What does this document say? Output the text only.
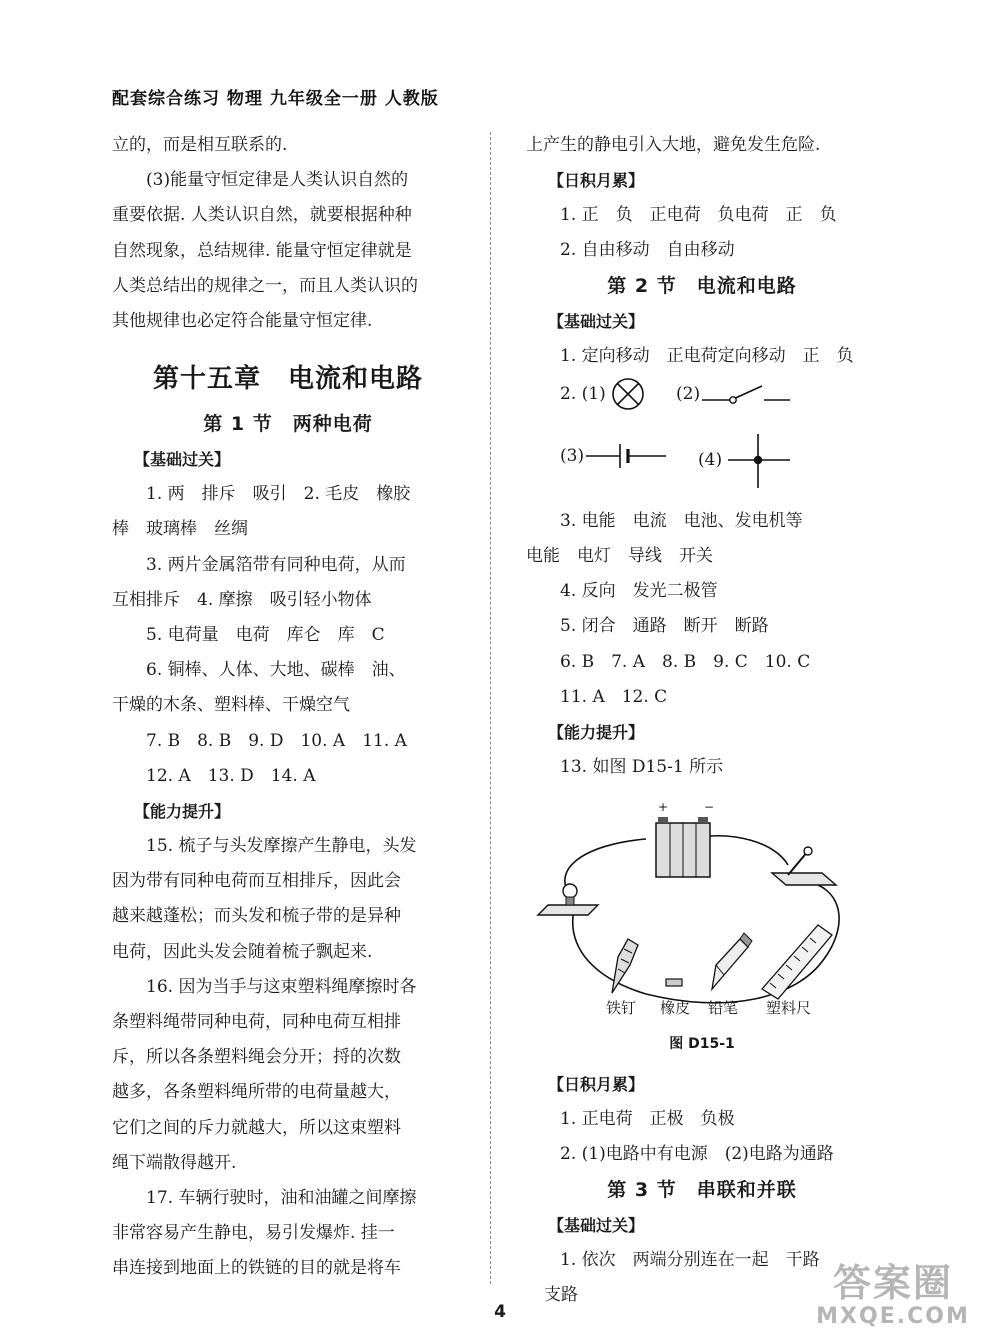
配套综合练习 物理 九年级全一册 人教版

立的，而是相互联系的.

(3)能量守恒定律是人类认识自然的

重要依据. 人类认识自然，就要根据种种

自然现象，总结规律. 能量守恒定律就是

人类总结出的规律之一，而且人类认识的

其他规律也必定符合能量守恒定律.

第十五章　电流和电路

第 1 节　两种电荷

【基础过关】

1. 两　排斥　吸引　2. 毛皮　橡胶

棒　玻璃棒　丝绸

3. 两片金属箔带有同种电荷，从而

互相排斥　4. 摩擦　吸引轻小物体

5. 电荷量　电荷　库仑　库　C

6. 铜棒、人体、大地、碳棒　油、

干燥的木条、塑料棒、干燥空气

7. B　8. B　9. D　10. A　11. A

12. A　13. D　14. A

【能力提升】

15. 梳子与头发摩擦产生静电，头发

因为带有同种电荷而互相排斥，因此会

越来越蓬松；而头发和梳子带的是异种

电荷，因此头发会随着梳子飘起来.

16. 因为当手与这束塑料绳摩擦时各

条塑料绳带同种电荷，同种电荷互相排

斥，所以各条塑料绳会分开；捋的次数

越多，各条塑料绳所带的电荷量越大，

它们之间的斥力就越大，所以这束塑料

绳下端散得越开.

17. 车辆行驶时，油和油罐之间摩擦

非常容易产生静电，易引发爆炸. 挂一

串连接到地面上的铁链的目的就是将车

上产生的静电引入大地，避免发生危险.

【日积月累】

1. 正　负　正电荷　负电荷　正　负

2. 自由移动　自由移动

第 2 节　电流和电路

【基础过关】

1. 定向移动　正电荷定向移动　正　负

2. (1)	(2)
(3)	(4)

3. 电能　电流　电池、发电机等

电能　电灯　导线　开关

4. 反向　发光二极管

5. 闭合　通路　断开　断路

6. B　7. A　8. B　9. C　10. C

11. A　12. C

【能力提升】

13. 如图 D15-1 所示

+	−
铁钉 橡皮 铅笔 塑料尺

图 D15-1

【日积月累】

1. 正电荷　正极　负极

2. (1)电路中有电源　(2)电路为通路

第 3 节　串联和并联

【基础过关】

1. 依次　两端分别连在一起　干路

支路

4
答案圈
MXQE.COM
